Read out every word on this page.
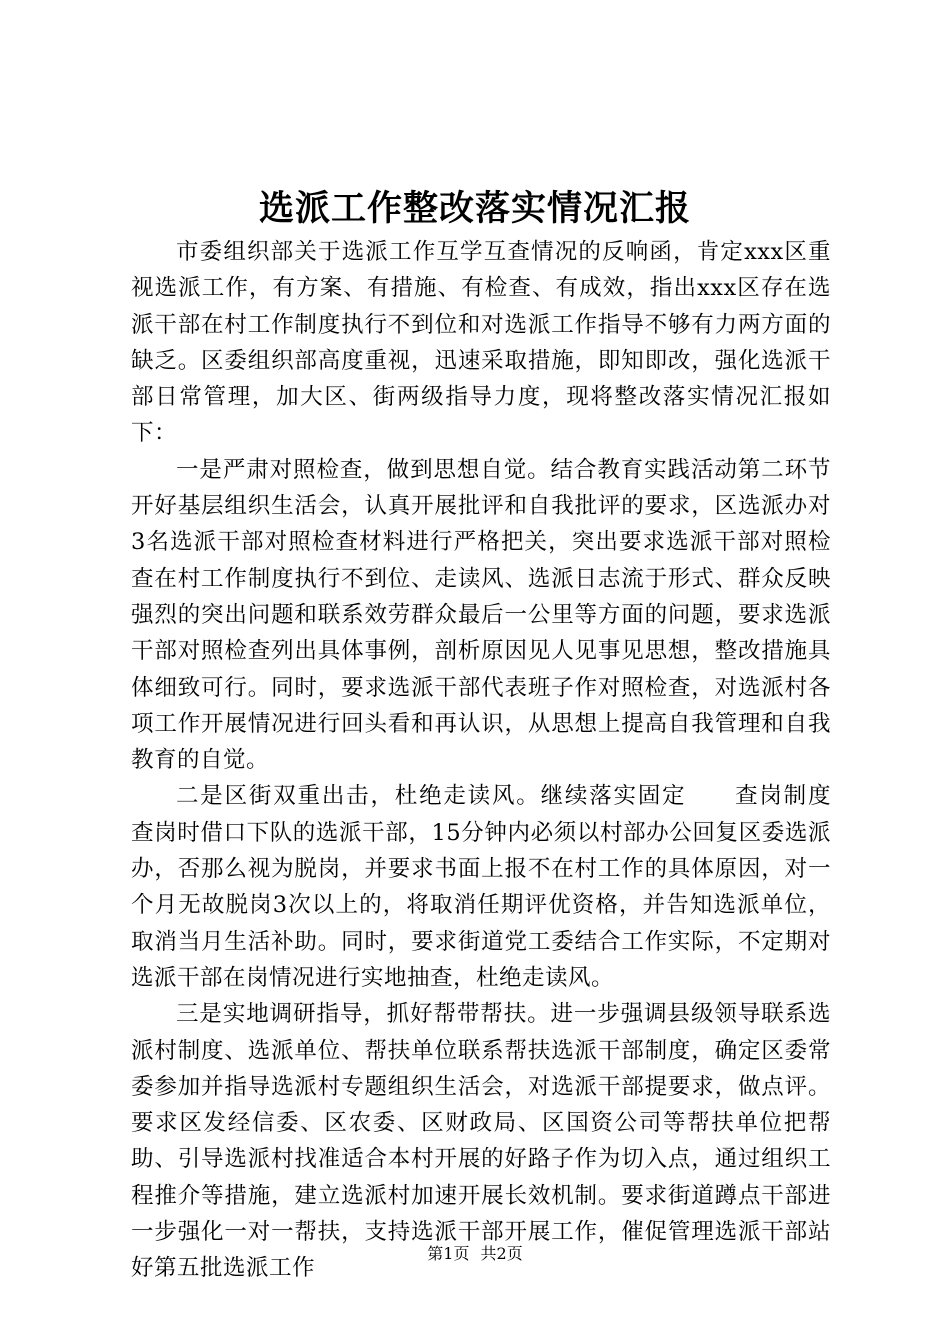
选派工作整改落实情况汇报

市委组织部关于选派工作互学互查情况的反响函，肯定xxx区重视选派工作，有方案、有措施、有检查、有成效，指出xxx区存在选派干部在村工作制度执行不到位和对选派工作指导不够有力两方面的缺乏。区委组织部高度重视，迅速采取措施，即知即改，强化选派干部日常管理，加大区、街两级指导力度，现将整改落实情况汇报如下：

一是严肃对照检查，做到思想自觉。结合教育实践活动第二环节开好基层组织生活会，认真开展批评和自我批评的要求，区选派办对3名选派干部对照检查材料进行严格把关，突出要求选派干部对照检查在村工作制度执行不到位、走读风、选派日志流于形式、群众反映强烈的突出问题和联系效劳群众最后一公里等方面的问题，要求选派干部对照检查列出具体事例，剖析原因见人见事见思想，整改措施具体细致可行。同时，要求选派干部代表班子作对照检查，对选派村各项工作开展情况进行回头看和再认识，从思想上提高自我管理和自我教育的自觉。

二是区街双重出击，杜绝走读风。继续落实固定　　查岗制度　　查岗时借口下队的选派干部，15分钟内必须以村部办公回复区委选派办，否那么视为脱岗，并要求书面上报不在村工作的具体原因，对一个月无故脱岗3次以上的，将取消任期评优资格，并告知选派单位，取消当月生活补助。同时，要求街道党工委结合工作实际，不定期对选派干部在岗情况进行实地抽查，杜绝走读风。

三是实地调研指导，抓好帮带帮扶。进一步强调县级领导联系选派村制度、选派单位、帮扶单位联系帮扶选派干部制度，确定区委常委参加并指导选派村专题组织生活会，对选派干部提要求，做点评。要求区发经信委、区农委、区财政局、区国资公司等帮扶单位把帮助、引导选派村找准适合本村开展的好路子作为切入点，通过组织工程推介等措施，建立选派村加速开展长效机制。要求街道蹲点干部进一步强化一对一帮扶，支持选派干部开展工作，催促管理选派干部站好第五批选派工作

第1页 共2页
